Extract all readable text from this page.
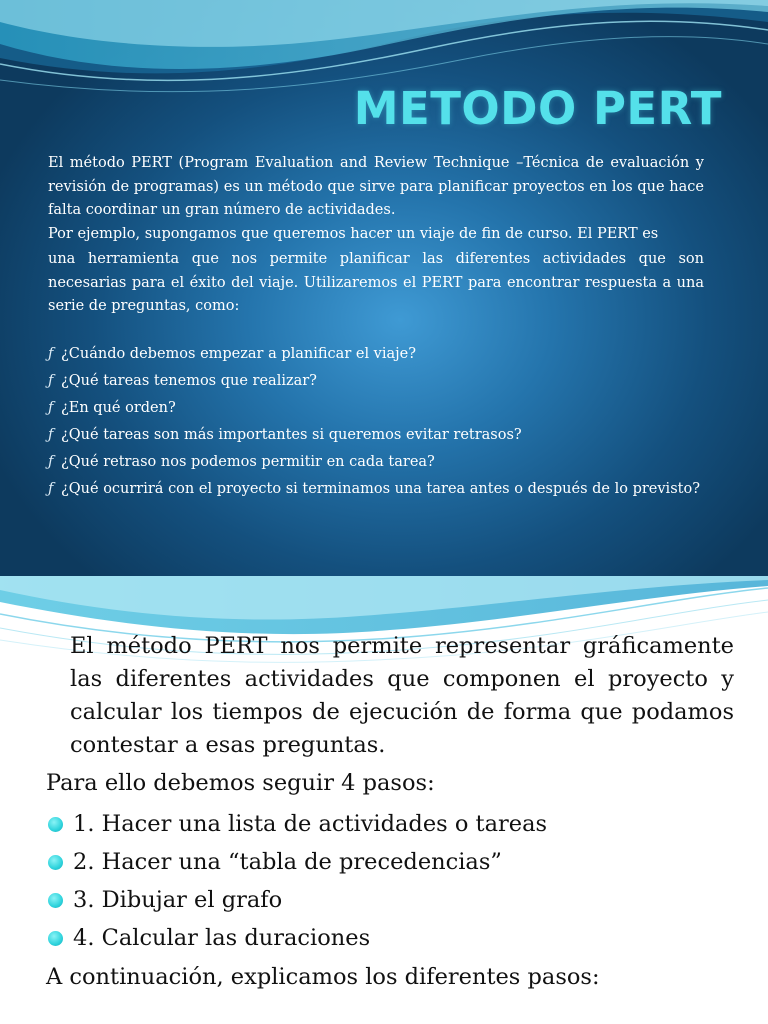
METODO PERT

El método PERT (Program Evaluation and Review Technique –Técnica de evaluación y revisión de programas) es un método que sirve para planificar proyectos en los que hace falta coordinar un gran número de actividades.

Por ejemplo, supongamos que queremos hacer un viaje de fin de curso. El PERT es

una herramienta que nos permite planificar las diferentes actividades que son necesarias para el éxito del viaje. Utilizaremos el PERT para encontrar respuesta a una serie de preguntas, como:

ƒ ¿Cuándo debemos empezar a planificar el viaje?
ƒ ¿Qué tareas tenemos que realizar?
ƒ ¿En qué orden?
ƒ ¿Qué tareas son más importantes si queremos evitar retrasos?
ƒ ¿Qué retraso nos podemos permitir en cada tarea?
ƒ ¿Qué ocurrirá con el proyecto si terminamos una tarea antes o después de lo previsto?

El método PERT nos permite representar gráficamente las diferentes actividades que componen el proyecto y calcular los tiempos de ejecución de forma que podamos contestar a esas preguntas.

Para ello debemos seguir 4 pasos:

1. Hacer una lista de actividades o tareas
2. Hacer una “tabla de precedencias”
3. Dibujar el grafo
4. Calcular las duraciones

A continuación, explicamos los diferentes pasos:
